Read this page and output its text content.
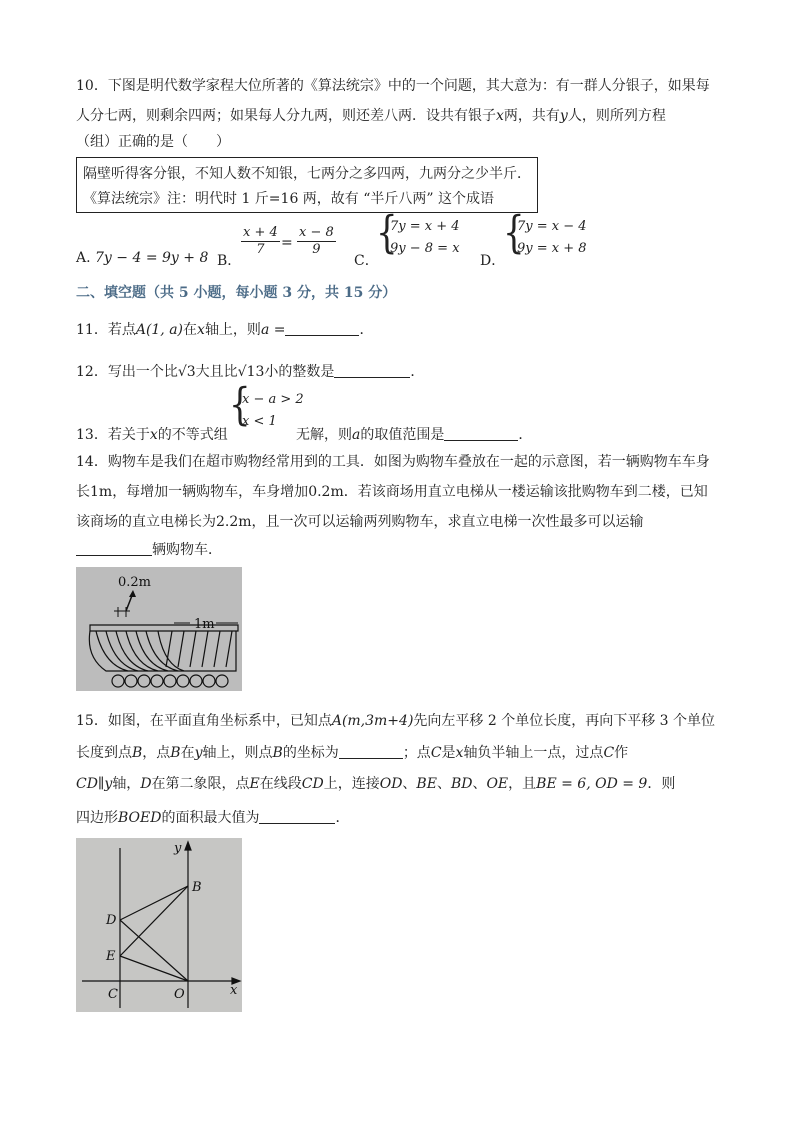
10．下图是明代数学家程大位所著的《算法统宗》中的一个问题，其大意为：有一群人分银子，如果每
人分七两，则剩余四两；如果每人分九两，则还差八两．设共有银子x两，共有y人，则所列方程
（组）正确的是（　　）
隔壁听得客分银，不知人数不知银，七两分之多四两，九两分之少半斤．
《算法统宗》注：明代时 1 斤=16 两，故有 “半斤八两” 这个成语
A. 7y − 4 = 9y + 8 B．
$\frac{x + 4}{7} = \frac{x - 8}{9}$
C．
{
7y = x + 4
9y − 8 = x
D．
{
7y = x − 4
9y = x + 8
二、填空题（共 5 小题，每小题 3 分，共 15 分）
11．若点A(1, a)在x轴上，则a =	．
12．写出一个比√3大且比√13小的整数是	．
13．若关于x的不等式组
{
x − a > 2
x < 1
无解，则a的取值范围是	．
14．购物车是我们在超市购物经常用到的工具．如图为购物车叠放在一起的示意图，若一辆购物车车身
长1m，每增加一辆购物车，车身增加0.2m．若该商场用直立电梯从一楼运输该批购物车到二楼，已知
该商场的直立电梯长为2.2m，且一次可以运输两列购物车，求直立电梯一次性最多可以运输
辆购物车．
0.2m
1m
15．如图，在平面直角坐标系中，已知点A(m,3m+4)先向左平移 2 个单位长度，再向下平移 3 个单位
长度到点B，点B在y轴上，则点B的坐标为	；点C是x轴负半轴上一点，过点C作
CD∥y轴，D在第二象限，点E在线段CD上，连接OD、BE、BD、OE，且BE = 6, OD = 9．则
四边形BOED的面积最大值为	．
y
x
B
D
E
C	O
